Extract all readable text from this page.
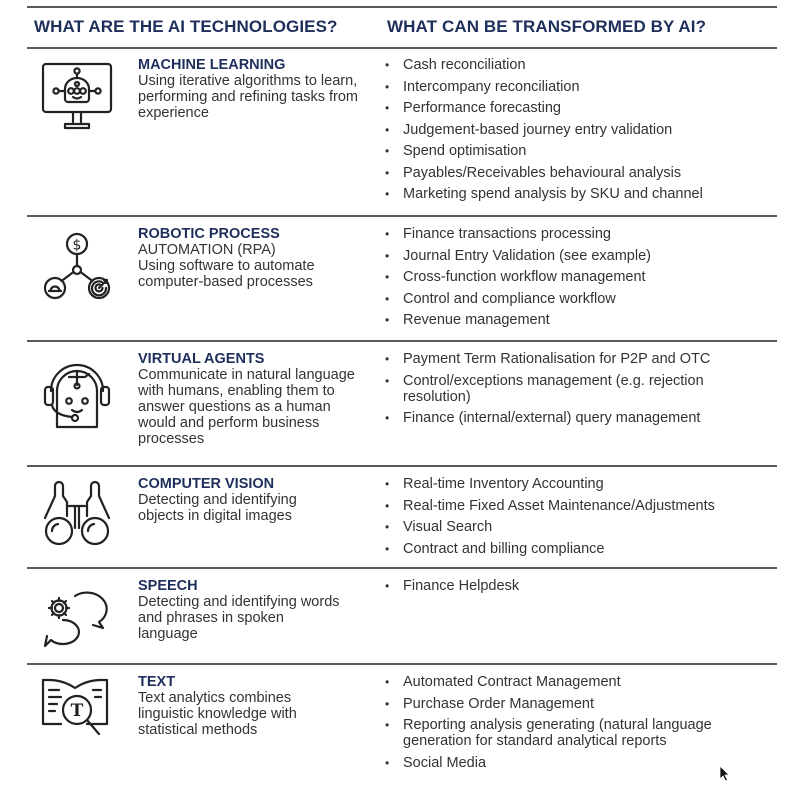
WHAT ARE THE AI TECHNOLOGIES?	WHAT CAN BE TRANSFORMED BY AI?
MACHINE LEARNING
Using iterative algorithms to learn, performing and refining tasks from experience
• Cash reconciliation
• Intercompany reconciliation
• Performance forecasting
• Judgement-based journey entry validation
• Spend optimisation
• Payables/Receivables behavioural analysis
• Marketing spend analysis by SKU and channel
$
ROBOTIC PROCESS
AUTOMATION (RPA)
Using software to automate computer-based processes
• Finance transactions processing
• Journal Entry Validation (see example)
• Cross-function workflow management
• Control and compliance workflow
• Revenue management
VIRTUAL AGENTS
Communicate in natural language with humans, enabling them to answer questions as a human would and perform business processes
• Payment Term Rationalisation for P2P and OTC
• Control/exceptions management (e.g. rejection resolution)
• Finance (internal/external) query management
COMPUTER VISION
Detecting and identifying objects in digital images
• Real-time Inventory Accounting
• Real-time Fixed Asset Maintenance/Adjustments
• Visual Search
• Contract and billing compliance
SPEECH
Detecting and identifying words and phrases in spoken language
• Finance Helpdesk
T
TEXT
Text analytics combines linguistic knowledge with statistical methods
• Automated Contract Management
• Purchase Order Management
• Reporting analysis generating (natural language generation for standard analytical reports
• Social Media
